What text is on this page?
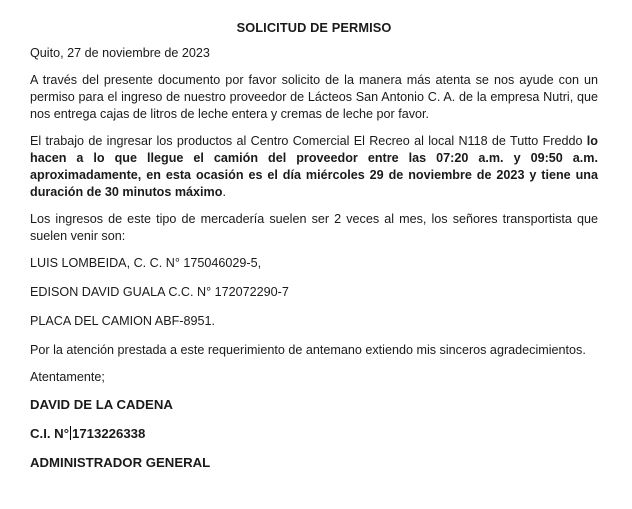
SOLICITUD DE PERMISO

Quito, 27 de noviembre de 2023

A través del presente documento por favor solicito de la manera más atenta se nos ayude con un permiso para el ingreso de nuestro proveedor de Lácteos San Antonio C. A. de la empresa Nutri, que nos entrega cajas de litros de leche entera y cremas de leche por favor.

El trabajo de ingresar los productos al Centro Comercial El Recreo al local N118 de Tutto Freddo lo hacen a lo que llegue el camión del proveedor entre las 07:20 a.m. y 09:50 a.m. aproximadamente, en esta ocasión es el día miércoles 29 de noviembre de 2023 y tiene una duración de 30 minutos máximo.

Los ingresos de este tipo de mercadería suelen ser 2 veces al mes, los señores transportista que suelen venir son:

LUIS LOMBEIDA, C. C. N° 175046029-5,

EDISON DAVID GUALA C.C. N° 172072290-7

PLACA DEL CAMION ABF-8951.

Por la atención prestada a este requerimiento de antemano extiendo mis sinceros agradecimientos.

Atentamente;

DAVID DE LA CADENA

C.I. N° 1713226338

ADMINISTRADOR GENERAL
